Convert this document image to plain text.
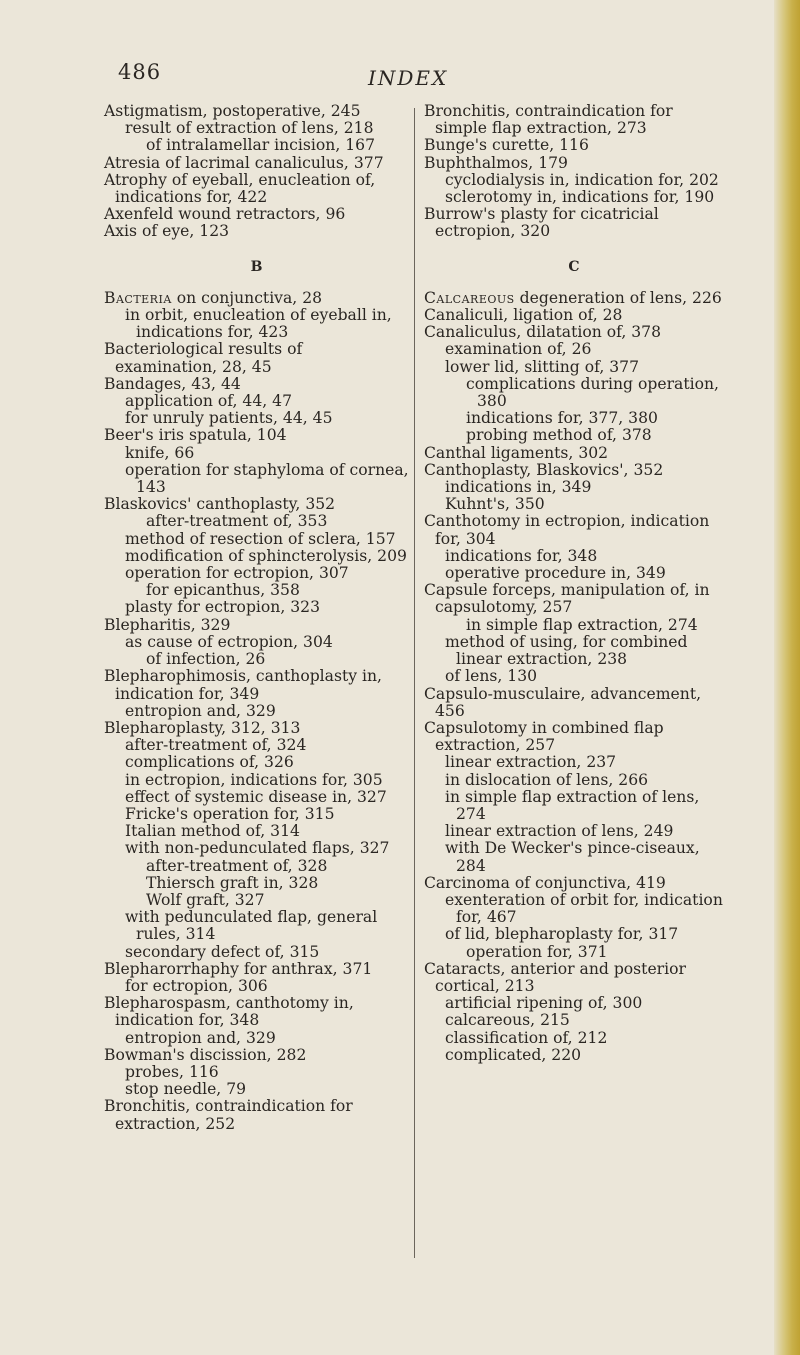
486	INDEX

Astigmatism, postoperative, 245

result of extraction of lens, 218

of intralamellar incision, 167

Atresia of lacrimal canaliculus, 377

Atrophy of eyeball, enucleation of, indications for, 422

Axenfeld wound retractors, 96

Axis of eye, 123

B

Bacteria on conjunctiva, 28

in orbit, enucleation of eyeball in, indications for, 423

Bacteriological results of examination, 28, 45

Bandages, 43, 44

application of, 44, 47

for unruly patients, 44, 45

Beer's iris spatula, 104

knife, 66

operation for staphyloma of cornea, 143

Blaskovics' canthoplasty, 352

after-treatment of, 353

method of resection of sclera, 157

modification of sphincterolysis, 209

operation for ectropion, 307

for epicanthus, 358

plasty for ectropion, 323

Blepharitis, 329

as cause of ectropion, 304

of infection, 26

Blepharophimosis, canthoplasty in, indication for, 349

entropion and, 329

Blepharoplasty, 312, 313

after-treatment of, 324

complications of, 326

in ectropion, indications for, 305

effect of systemic disease in, 327

Fricke's operation for, 315

Italian method of, 314

with non-pedunculated flaps, 327

after-treatment of, 328

Thiersch graft in, 328

Wolf graft, 327

with pedunculated flap, general rules, 314

secondary defect of, 315

Blepharorrhaphy for anthrax, 371

for ectropion, 306

Blepharospasm, canthotomy in, indication for, 348

entropion and, 329

Bowman's discission, 282

probes, 116

stop needle, 79

Bronchitis, contraindication for extraction, 252

Bronchitis, contraindication for simple flap extraction, 273

Bunge's curette, 116

Buphthalmos, 179

cyclodialysis in, indication for, 202

sclerotomy in, indications for, 190

Burrow's plasty for cicatricial ectropion, 320

C

Calcareous degeneration of lens, 226

Canaliculi, ligation of, 28

Canaliculus, dilatation of, 378

examination of, 26

lower lid, slitting of, 377

complications during operation, 380

indications for, 377, 380

probing method of, 378

Canthal ligaments, 302

Canthoplasty, Blaskovics', 352

indications in, 349

Kuhnt's, 350

Canthotomy in ectropion, indication for, 304

indications for, 348

operative procedure in, 349

Capsule forceps, manipulation of, in capsulotomy, 257

in simple flap extraction, 274

method of using, for combined linear extraction, 238

of lens, 130

Capsulo-musculaire, advancement, 456

Capsulotomy in combined flap extraction, 257

linear extraction, 237

in dislocation of lens, 266

in simple flap extraction of lens, 274

linear extraction of lens, 249

with De Wecker's pince-ciseaux, 284

Carcinoma of conjunctiva, 419

exenteration of orbit for, indication for, 467

of lid, blepharoplasty for, 317

operation for, 371

Cataracts, anterior and posterior cortical, 213

artificial ripening of, 300

calcareous, 215

classification of, 212

complicated, 220
